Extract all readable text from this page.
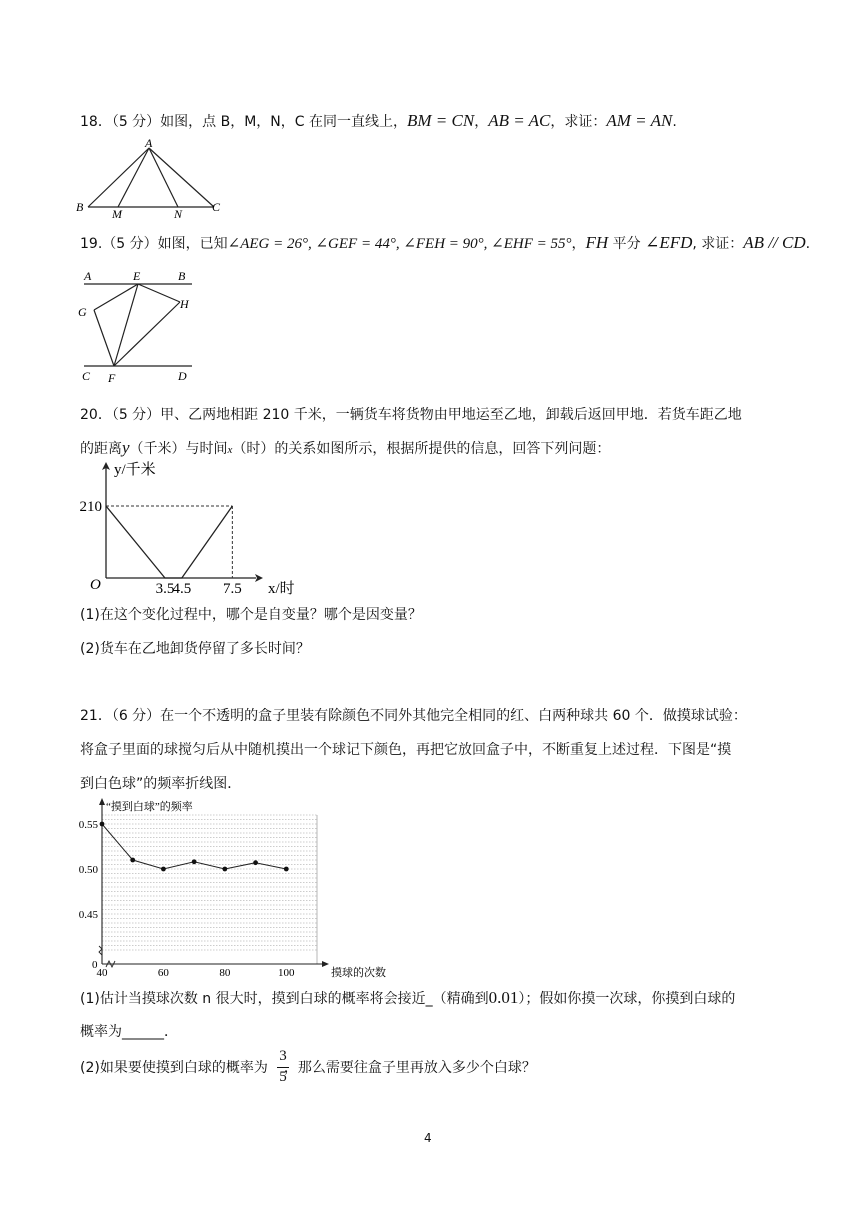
18．（5 分）如图，点 B，M，N，C 在同一直线上，BM = CN，AB = AC，求证：AM = AN.
A
B M	N C
19.（5 分）如图，已知∠AEG = 26°, ∠GEF = 44°, ∠FEH = 90°, ∠EHF = 55°，FH 平分 ∠EFD, 求证：AB // CD.
A	E	B
G
H
C F	D
20．（5 分）甲、乙两地相距 210 千米，一辆货车将货物由甲地运至乙地，卸载后返回甲地．若货车距乙地
的距离y（千米）与时间x（时）的关系如图所示，根据所提供的信息，回答下列问题：
3.5
4.5 7.5
210
O
y/千米
x/时
(1)在这个变化过程中，哪个是自变量？哪个是因变量？
(2)货车在乙地卸货停留了多长时间？
21．（6 分）在一个不透明的盒子里装有除颜色不同外其他完全相同的红、白两种球共 60 个．做摸球试验：
将盒子里面的球搅匀后从中随机摸出一个球记下颜色，再把它放回盒子中，不断重复上述过程．下图是“摸
到白色球”的频率折线图．
40	60	80	100
0.55
0.50
0.45
0
“摸到白球”的频率
摸球的次数
(1)估计当摸球次数 n 很大时，摸到白球的概率将会接近_（精确到0.01）；假如你摸一次球，你摸到白球的
概率为______．
(2)如果要使摸到白球的概率为 ，那么需要往盒子里再放入多少个白球？
3
5
4
